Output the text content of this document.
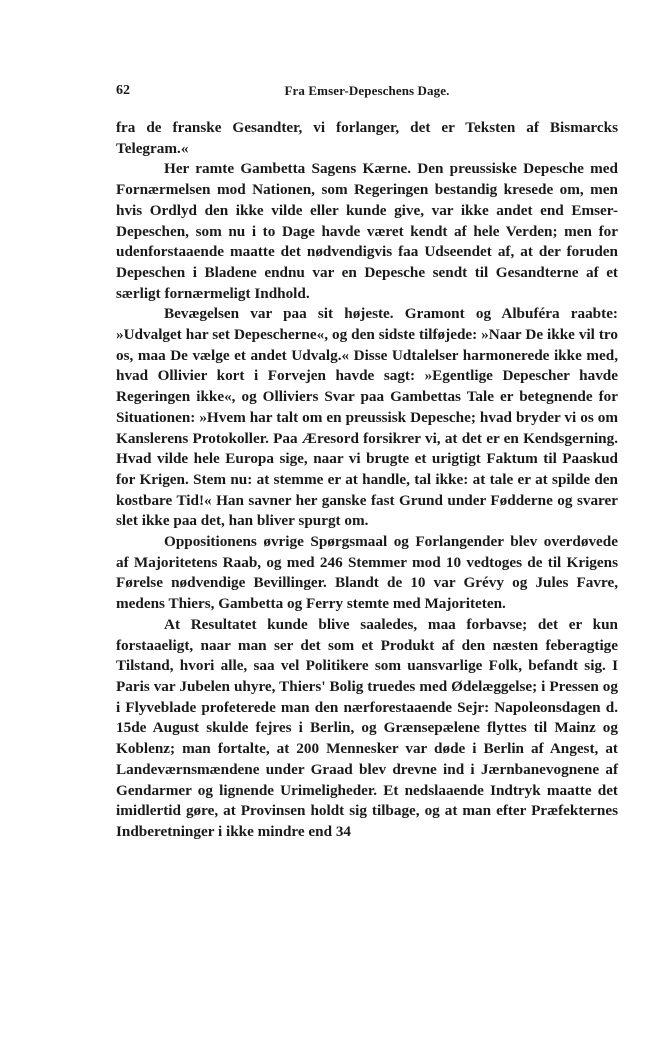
62	Fra Emser-Depeschens Dage.

fra de franske Gesandter, vi forlanger, det er Teksten af Bismarcks Telegram.«

Her ramte Gambetta Sagens Kærne. Den preussiske Depesche med Fornærmelsen mod Nationen, som Regeringen bestandig kresede om, men hvis Ordlyd den ikke vilde eller kunde give, var ikke andet end Emser-Depeschen, som nu i to Dage havde været kendt af hele Verden; men for udenforstaaende maatte det nødvendigvis faa Udseendet af, at der foruden Depeschen i Bladene endnu var en Depesche sendt til Gesandterne af et særligt fornærmeligt Indhold.

Bevægelsen var paa sit højeste. Gramont og Albuféra raabte: »Udvalget har set Depescherne«, og den sidste tilføjede: »Naar De ikke vil tro os, maa De vælge et andet Udvalg.« Disse Udtalelser harmonerede ikke med, hvad Ollivier kort i Forvejen havde sagt: »Egentlige Depescher havde Regeringen ikke«, og Olliviers Svar paa Gambettas Tale er betegnende for Situationen: »Hvem har talt om en preussisk Depesche; hvad bryder vi os om Kanslerens Protokoller. Paa Æresord forsikrer vi, at det er en Kendsgerning. Hvad vilde hele Europa sige, naar vi brugte et urigtigt Faktum til Paaskud for Krigen. Stem nu: at stemme er at handle, tal ikke: at tale er at spilde den kostbare Tid!« Han savner her ganske fast Grund under Fødderne og svarer slet ikke paa det, han bliver spurgt om.

Oppositionens øvrige Spørgsmaal og Forlangender blev overdøvede af Majoritetens Raab, og med 246 Stemmer mod 10 vedtoges de til Krigens Førelse nødvendige Bevillinger. Blandt de 10 var Grévy og Jules Favre, medens Thiers, Gambetta og Ferry stemte med Majoriteten.

At Resultatet kunde blive saaledes, maa forbavse; det er kun forstaaeligt, naar man ser det som et Produkt af den næsten feberagtige Tilstand, hvori alle, saa vel Politikere som uansvarlige Folk, befandt sig. I Paris var Jubelen uhyre, Thiers' Bolig truedes med Ødelæggelse; i Pressen og i Flyveblade profeterede man den nærforestaaende Sejr: Napoleonsdagen d. 15de August skulde fejres i Berlin, og Grænsepælene flyttes til Mainz og Koblenz; man fortalte, at 200 Mennesker var døde i Berlin af Angest, at Landeværnsmændene under Graad blev drevne ind i Jærnbanevognene af Gendarmer og lignende Urimeligheder. Et nedslaaende Indtryk maatte det imidlertid gøre, at Provinsen holdt sig tilbage, og at man efter Præfekternes Indberetninger i ikke mindre end 34
